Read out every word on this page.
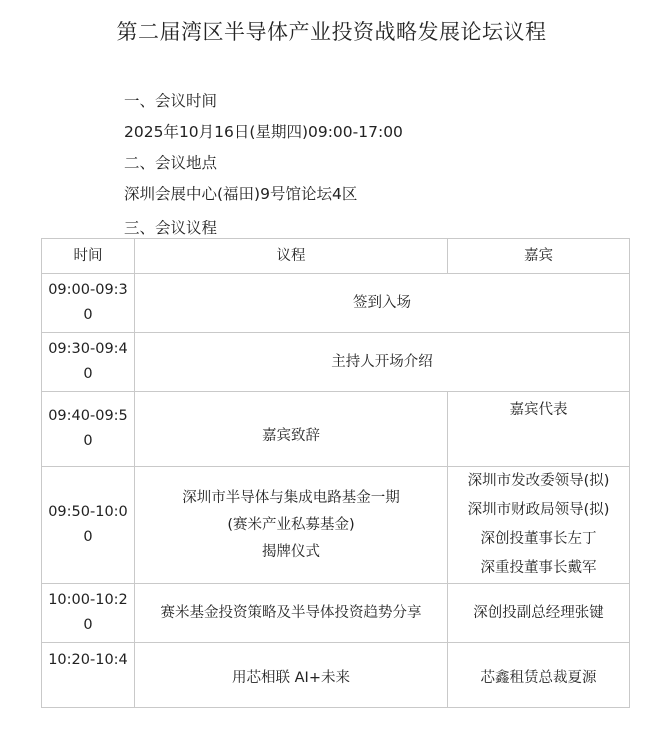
第二届湾区半导体产业投资战略发展论坛议程
一、会议时间
2025年10月16日(星期四)09:00-17:00
二、会议地点
深圳会展中心(福田)9号馆论坛4区
三、会议议程
时间	议程	嘉宾
09:00-09:30	签到入场	

09:30-09:40	主持人开场介绍	

09:40-09:50	嘉宾致辞	嘉宾代表

09:50-10:00	深圳市半导体与集成电路基金一期
(赛米产业私募基金)
揭牌仪式	深圳市发改委领导(拟)
深圳市财政局领导(拟)
深创投董事长左丁
深重投董事长戴军

10:00-10:20	赛米基金投资策略及半导体投资趋势分享	深创投副总经理张键

10:20-10:4	用芯相联 AI+未来	芯鑫租赁总裁夏源
